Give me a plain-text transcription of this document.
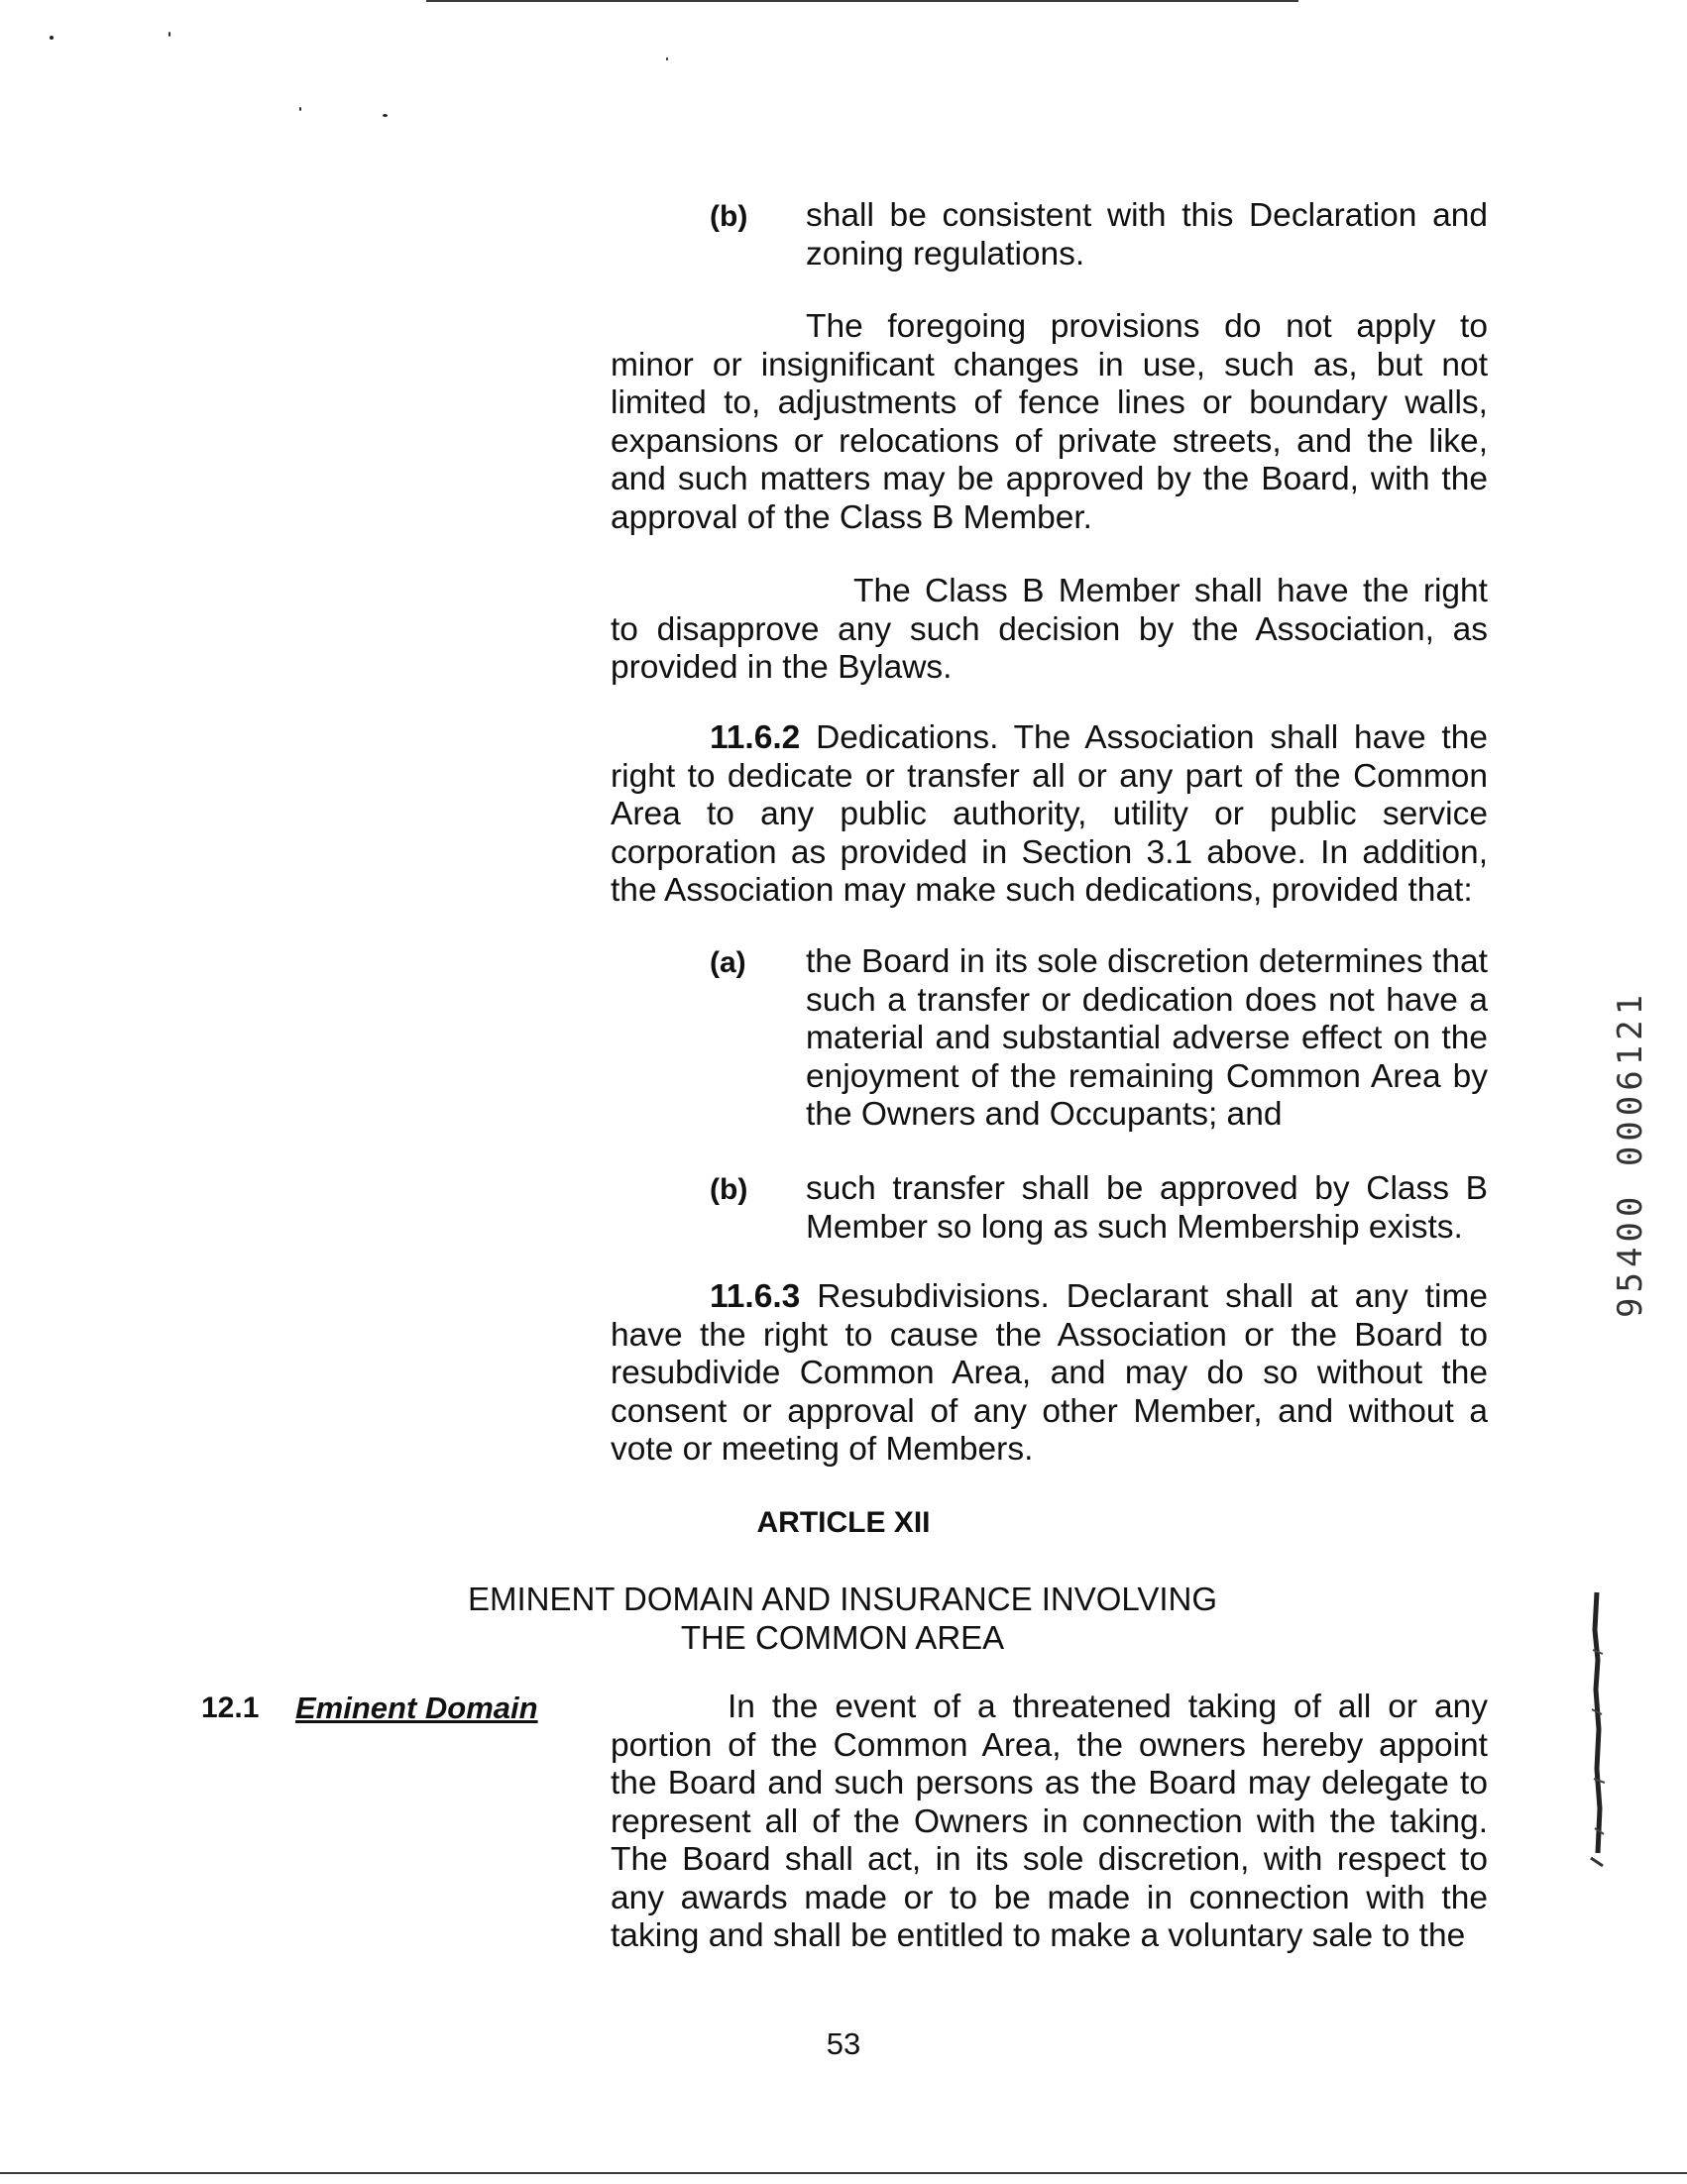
(b) shall be consistent with this Declaration and zoning regulations.

The foregoing provisions do not apply to minor or insignificant changes in use, such as, but not limited to, adjustments of fence lines or boundary walls, expansions or relocations of private streets, and the like, and such matters may be approved by the Board, with the approval of the Class B Member.

The Class B Member shall have the right to disapprove any such decision by the Association, as provided in the Bylaws.

11.6.2 Dedications. The Association shall have the right to dedicate or transfer all or any part of the Common Area to any public authority, utility or public service corporation as provided in Section 3.1 above. In addition, the Association may make such dedications, provided that:

(a) the Board in its sole discretion determines that such a transfer or dedication does not have a material and substantial adverse effect on the enjoyment of the remaining Common Area by the Owners and Occupants; and

(b) such transfer shall be approved by Class B Member so long as such Membership exists.

11.6.3 Resubdivisions. Declarant shall at any time have the right to cause the Association or the Board to resubdivide Common Area, and may do so without the consent or approval of any other Member, and without a vote or meeting of Members.

ARTICLE XII
EMINENT DOMAIN AND INSURANCE INVOLVING
THE COMMON AREA
12.1 Eminent Domain	In the event of a threatened taking of all or any portion of the Common Area, the owners hereby appoint the Board and such persons as the Board may delegate to represent all of the Owners in connection with the taking. The Board shall act, in its sole discretion, with respect to any awards made or to be made in connection with the taking and shall be entitled to make a voluntary sale to the

53
95400 0006121
